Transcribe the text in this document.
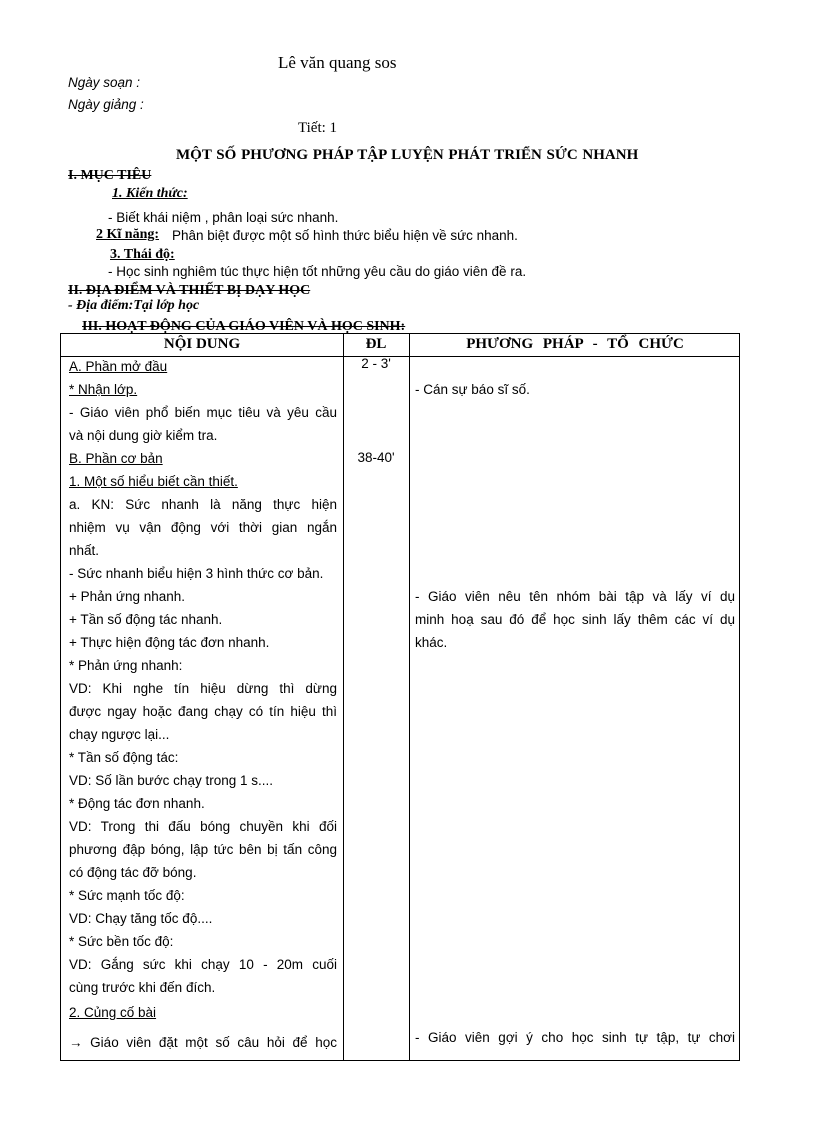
Lê văn quang sos
Ngày soạn :
Ngày giảng :
Tiết: 1
MỘT SỐ PHƯƠNG PHÁP TẬP LUYỆN PHÁT TRIỂN SỨC NHANH
I. MỤC TIÊU
1. Kiến thức:
- Biết khái niệm , phân loại sức nhanh.
2 Kĩ năng: Phân biệt được một số hình thức biểu hiện về sức nhanh.
3. Thái độ:
- Học sinh nghiêm túc thực hiện tốt những yêu cầu do giáo viên đề ra.
II. ĐỊA ĐIỂM VÀ THIẾT BỊ DẠY HỌC
- Địa điểm:Tại lớp học
III. HOẠT ĐỘNG CỦA GIÁO VIÊN VÀ HỌC SINH:
NỘI DUNG	ĐL	PHƯƠNG PHÁP - TỔ CHỨC
A. Phần mở đầu
* Nhận lớp.
- Giáo viên phổ biến mục tiêu và yêu cầu
và nội dung giờ kiểm tra.
B. Phần cơ bản
1. Một số hiểu biết cần thiết.
a. KN: Sức nhanh là năng thực hiện
nhiệm vụ vận động với thời gian ngắn
nhất.
- Sức nhanh biểu hiện 3 hình thức cơ bản.
+ Phản ứng nhanh.
+ Tần số động tác nhanh.
+ Thực hiện động tác đơn nhanh.
* Phản ứng nhanh:
VD: Khi nghe tín hiệu dừng thì dừng
được ngay hoặc đang chạy có tín hiệu thì
chạy ngược lại...
* Tần số động tác:
VD: Số lần bước chạy trong 1 s....
* Động tác đơn nhanh.
VD: Trong thi đấu bóng chuyền khi đối
phương đập bóng, lập tức bên bị tấn công
có động tác đỡ bóng.
* Sức mạnh tốc độ:
VD: Chạy tăng tốc độ....
* Sức bền tốc độ:
VD: Gắng sức khi chạy 10 - 20m cuối
cùng trước khi đến đích.
2. Củng cố bài
→ Giáo viên đặt một số câu hỏi để học
2 - 3'
38-40'
- Cán sự báo sĩ số.
- Giáo viên nêu tên nhóm bài tập và lấy ví dụ
minh hoạ sau đó để học sinh lấy thêm các ví dụ
khác.
- Giáo viên gợi ý cho học sinh tự tập, tự chơi
